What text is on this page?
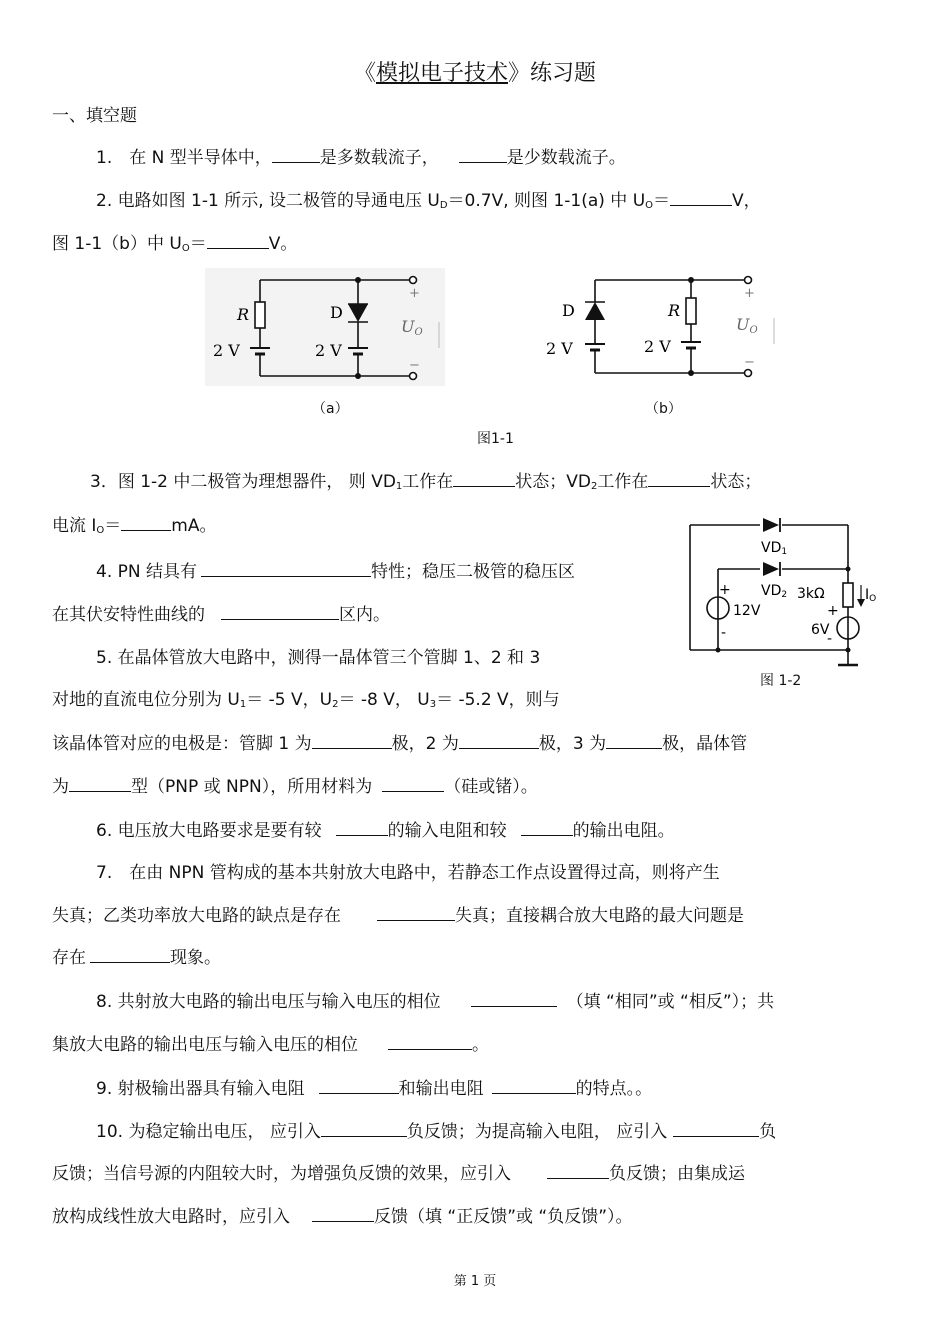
《模拟电子技术》练习题
一、填空题
1.　在 N 型半导体中，	是多数载流子，	是少数载流子。
2. 电路如图 1-1 所示, 设二极管的导通电压 $U_D=0.7V$, 则图 1-1(a) 中 $U_O=$	V，
图 1-1（b）中 $U_O=$	V。
R
2 V
D
2 V
+
−
UO
D
2 V
R
2 V
+
−
UO
（a）	（b）
图1-1
3．图 1-2 中二极管为理想器件， 则 $VD_1$工作在	状态；$VD_2$工作在	状态；
电流 $I_O=$	mA。
VD1
VD2
+
12V
-
3kΩ	IO
+
6V
-
图 1-2
4. PN 结具有	特性；稳压二极管的稳压区
在其伏安特性曲线的	区内。
5. 在晶体管放大电路中，测得一晶体管三个管脚 1、2 和 3
对地的直流电位分别为 $U_1= -5$ V，$U_2= -8$ V， $U_3= -5.2$ V，则与
该晶体管对应的电极是：管脚 1 为	极，2 为	极，3 为	极，晶体管
为	型（PNP 或 NPN），所用材料为	（硅或锗）。
6. 电压放大电路要求是要有较	的输入电阻和较	的输出电阻。
7.　在由 NPN 管构成的基本共射放大电路中，若静态工作点设置得过高，则将产生
失真；乙类功率放大电路的缺点是存在	失真；直接耦合放大电路的最大问题是
存在	现象。
8. 共射放大电路的输出电压与输入电压的相位	（填 “相同”或 “相反”）；共
集放大电路的输出电压与输入电压的相位	。
9. 射极输出器具有输入电阻	和输出电阻	的特点。。
10. 为稳定输出电压， 应引入	负反馈；为提高输入电阻， 应引入	负
反馈；当信号源的内阻较大时，为增强负反馈的效果，应引入	负反馈；由集成运
放构成线性放大电路时，应引入	反馈（填 “正反馈”或 “负反馈”）。
第 1 页
